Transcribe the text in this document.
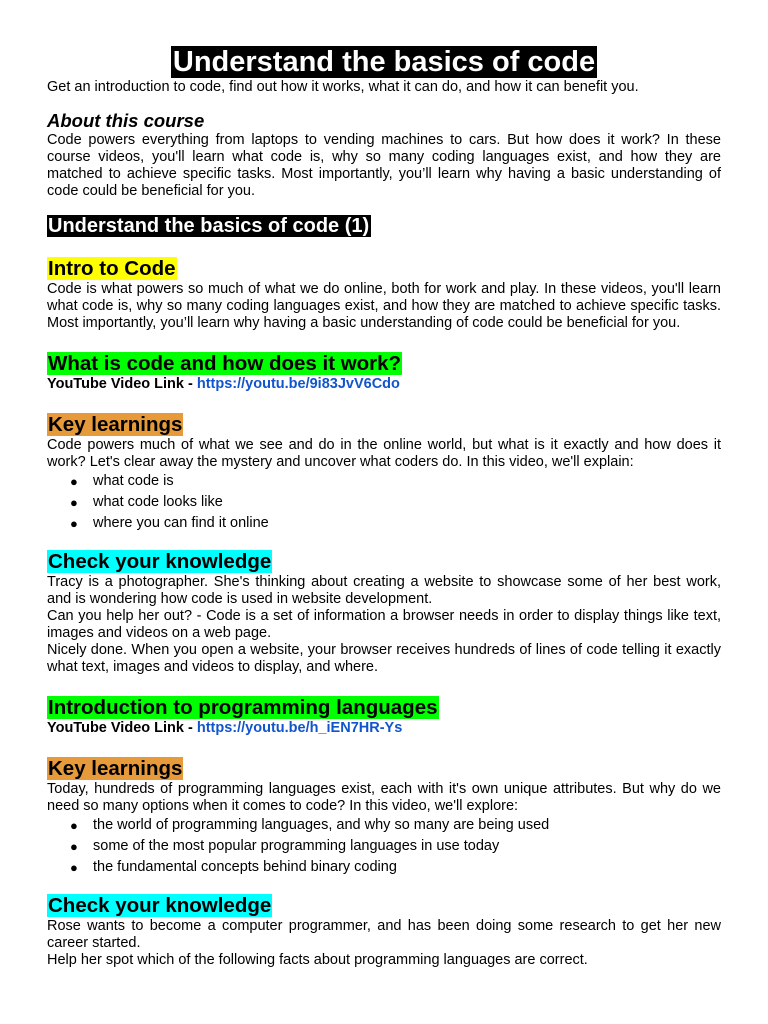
Understand the basics of code

Get an introduction to code, find out how it works, what it can do, and how it can benefit you.

About this course

Code powers everything from laptops to vending machines to cars. But how does it work? In these course videos, you'll learn what code is, why so many coding languages exist, and how they are matched to achieve specific tasks. Most importantly, you’ll learn why having a basic understanding of code could be beneficial for you.

Understand the basics of code (1)
Intro to Code

Code is what powers so much of what we do online, both for work and play. In these videos, you'll learn what code is, why so many coding languages exist, and how they are matched to achieve specific tasks. Most importantly, you’ll learn why having a basic understanding of code could be beneficial for you.

What is code and how does it work?

YouTube Video Link - https://youtu.be/9i83JvV6Cdo

Key learnings

Code powers much of what we see and do in the online world, but what is it exactly and how does it work? Let's clear away the mystery and uncover what coders do. In this video, we'll explain:

● what code is
● what code looks like
● where you can find it online
Check your knowledge

Tracy is a photographer. She's thinking about creating a website to showcase some of her best work, and is wondering how code is used in website development.

Can you help her out? - Code is a set of information a browser needs in order to display things like text, images and videos on a web page.

Nicely done. When you open a website, your browser receives hundreds of lines of code telling it exactly what text, images and videos to display, and where.

Introduction to programming languages

YouTube Video Link - https://youtu.be/h_iEN7HR-Ys

Key learnings

Today, hundreds of programming languages exist, each with it's own unique attributes. But why do we need so many options when it comes to code? In this video, we'll explore:

● the world of programming languages, and why so many are being used
● some of the most popular programming languages in use today
● the fundamental concepts behind binary coding
Check your knowledge

Rose wants to become a computer programmer, and has been doing some research to get her new career started.

Help her spot which of the following facts about programming languages are correct.
